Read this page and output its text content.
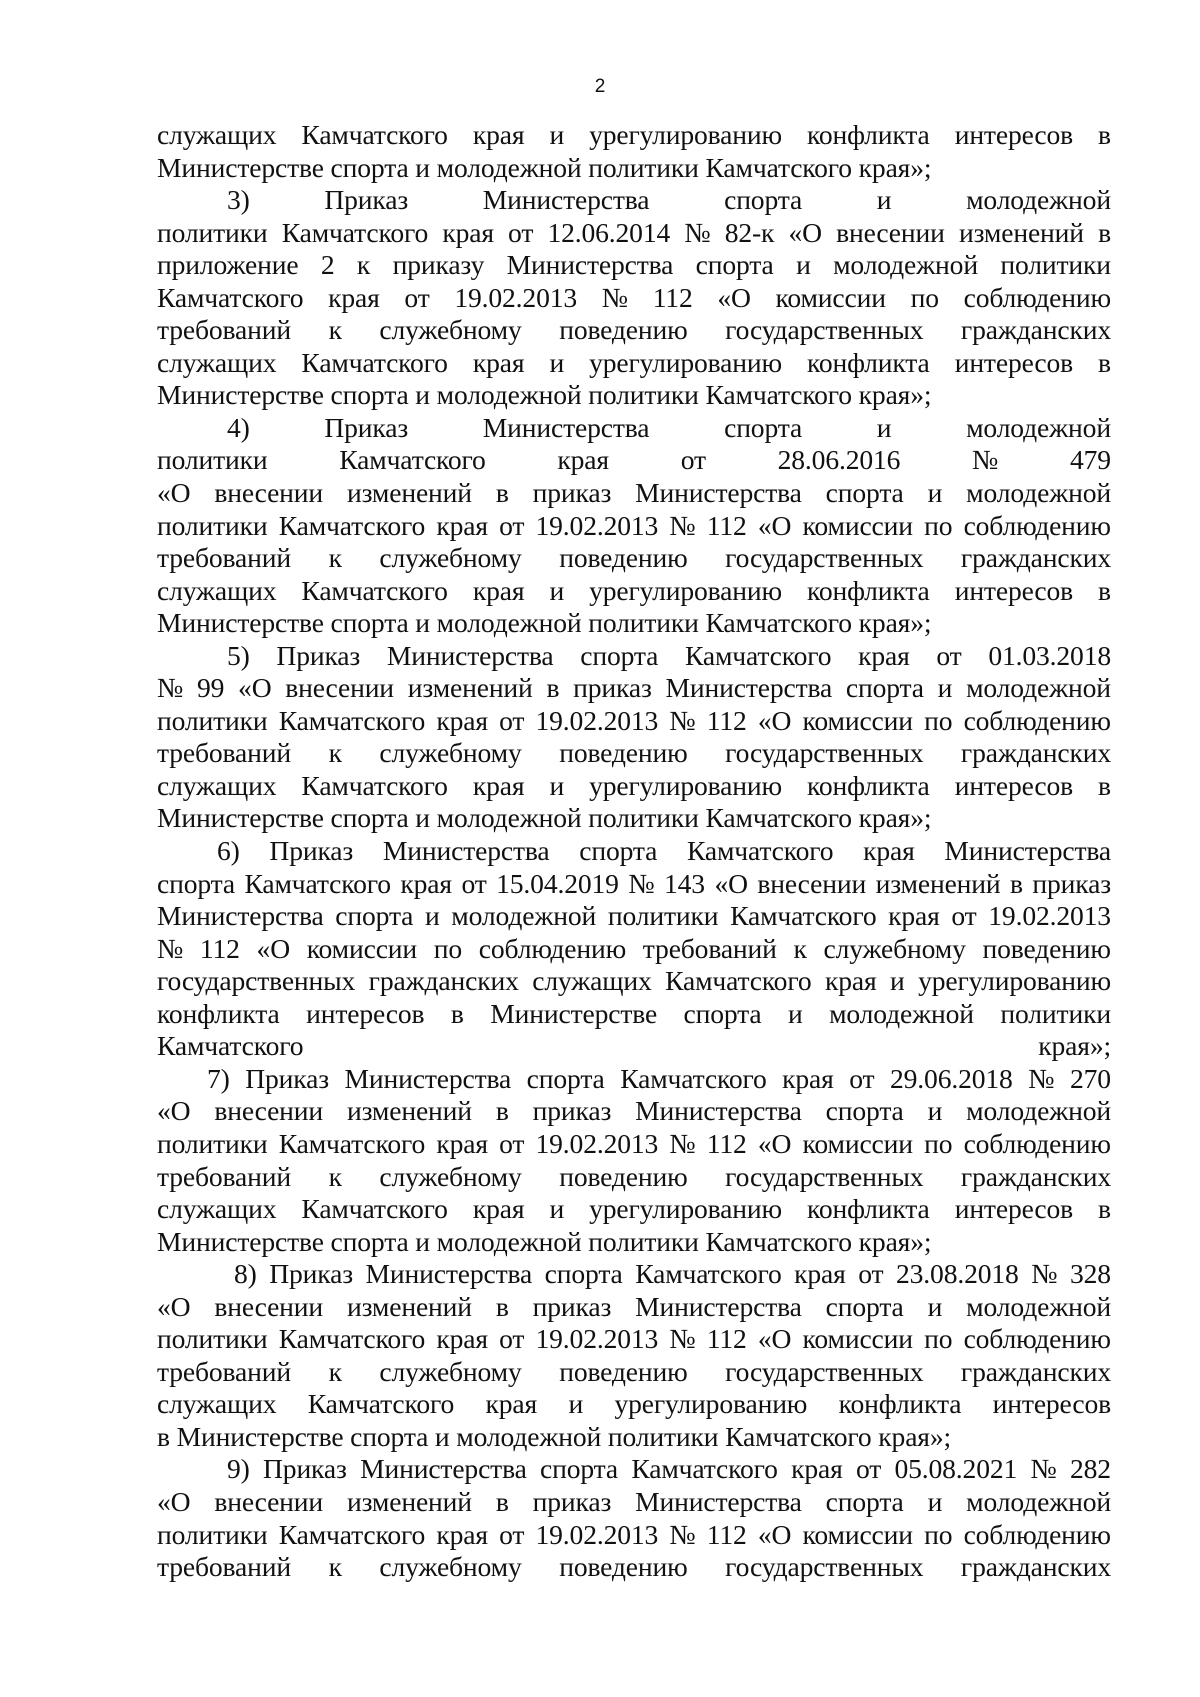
2
служащих Камчатского края и урегулированию конфликта интересов в
Министерстве спорта и молодежной политики Камчатского края»;
3)	Приказ	Министерства	спорта	и	молодежной
политики Камчатского края от 12.06.2014 № 82-к «О внесении изменений в
приложение 2 к приказу Министерства спорта и молодежной политики
Камчатского края от 19.02.2013 № 112 «О комиссии по соблюдению
требований к служебному поведению государственных гражданских
служащих Камчатского края и урегулированию конфликта интересов в
Министерстве спорта и молодежной политики Камчатского края»;
4)	Приказ	Министерства	спорта	и	молодежной
политики	Камчатского	края	от	28.06.2016	№	479
«О внесении изменений в приказ Министерства спорта и молодежной
политики Камчатского края от 19.02.2013 № 112 «О комиссии по соблюдению
требований к служебному поведению государственных гражданских
служащих Камчатского края и урегулированию конфликта интересов в
Министерстве спорта и молодежной политики Камчатского края»;
5) Приказ Министерства спорта Камчатского края от 01.03.2018
№ 99 «О внесении изменений в приказ Министерства спорта и молодежной
политики Камчатского края от 19.02.2013 № 112 «О комиссии по соблюдению
требований к служебному поведению государственных гражданских
служащих Камчатского края и урегулированию конфликта интересов в
Министерстве спорта и молодежной политики Камчатского края»;
6) Приказ Министерства спорта Камчатского края Министерства
спорта Камчатского края от 15.04.2019 № 143 «О внесении изменений в приказ
Министерства спорта и молодежной политики Камчатского края от 19.02.2013
№ 112 «О комиссии по соблюдению требований к служебному поведению
государственных гражданских служащих Камчатского края и урегулированию
конфликта интересов в Министерстве спорта и молодежной политики
Камчатского	края»;
7) Приказ Министерства спорта Камчатского края от 29.06.2018 № 270
«О внесении изменений в приказ Министерства спорта и молодежной
политики Камчатского края от 19.02.2013 № 112 «О комиссии по соблюдению
требований к служебному поведению государственных гражданских
служащих Камчатского края и урегулированию конфликта интересов в
Министерстве спорта и молодежной политики Камчатского края»;
8) Приказ Министерства спорта Камчатского края от 23.08.2018 № 328
«О внесении изменений в приказ Министерства спорта и молодежной
политики Камчатского края от 19.02.2013 № 112 «О комиссии по соблюдению
требований к служебному поведению государственных гражданских
служащих Камчатского края и урегулированию конфликта интересов
в Министерстве спорта и молодежной политики Камчатского края»;
9) Приказ Министерства спорта Камчатского края от 05.08.2021 № 282
«О внесении изменений в приказ Министерства спорта и молодежной
политики Камчатского края от 19.02.2013 № 112 «О комиссии по соблюдению
требований к служебному поведению государственных гражданских
